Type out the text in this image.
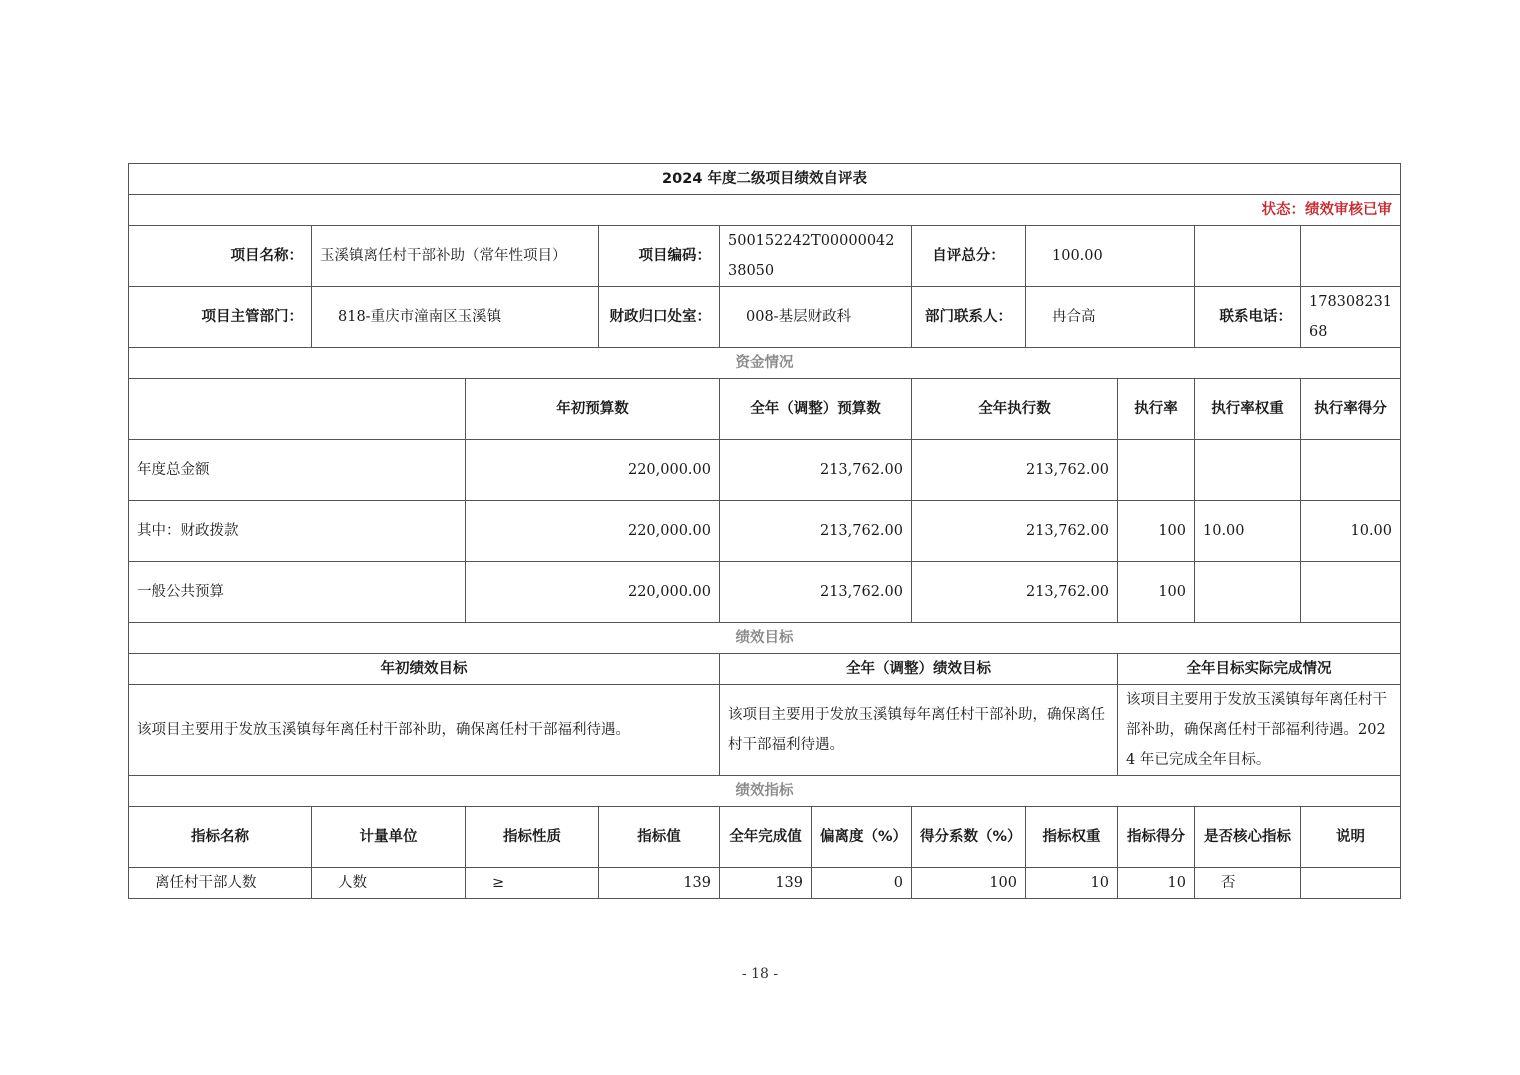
2024 年度二级项目绩效自评表										
状态：绩效审核已审										
项目名称：	玉溪镇离任村干部补助（常年性项目）		项目编码：	500152242T0000004238050		自评总分：	100.00			
项目主管部门：	818-重庆市潼南区玉溪镇		财政归口处室：	008-基层财政科		部门联系人：	冉合高		联系电话：	17830823168
资金情况										
		年初预算数		全年（调整）预算数		全年执行数		执行率	执行率权重	执行率得分
年度总金额		220,000.00		213,762.00		213,762.00				
其中：财政拨款		220,000.00		213,762.00		213,762.00		100	10.00	10.00
一般公共预算		220,000.00		213,762.00		213,762.00		100		
绩效目标										
年初绩效目标				全年（调整）绩效目标				全年目标实际完成情况		
该项目主要用于发放玉溪镇每年离任村干部补助，确保离任村干部福利待遇。				该项目主要用于发放玉溪镇每年离任村干部补助，确保离任村干部福利待遇。				该项目主要用于发放玉溪镇每年离任村干部补助，确保离任村干部福利待遇。2024 年已完成全年目标。		
绩效指标										
指标名称	计量单位	指标性质	指标值	全年完成值	偏离度（%）	得分系数（%）	指标权重	指标得分	是否核心指标	说明
离任村干部人数	人数	≥	139	139	0	100	10	10	否	
- 18 -
